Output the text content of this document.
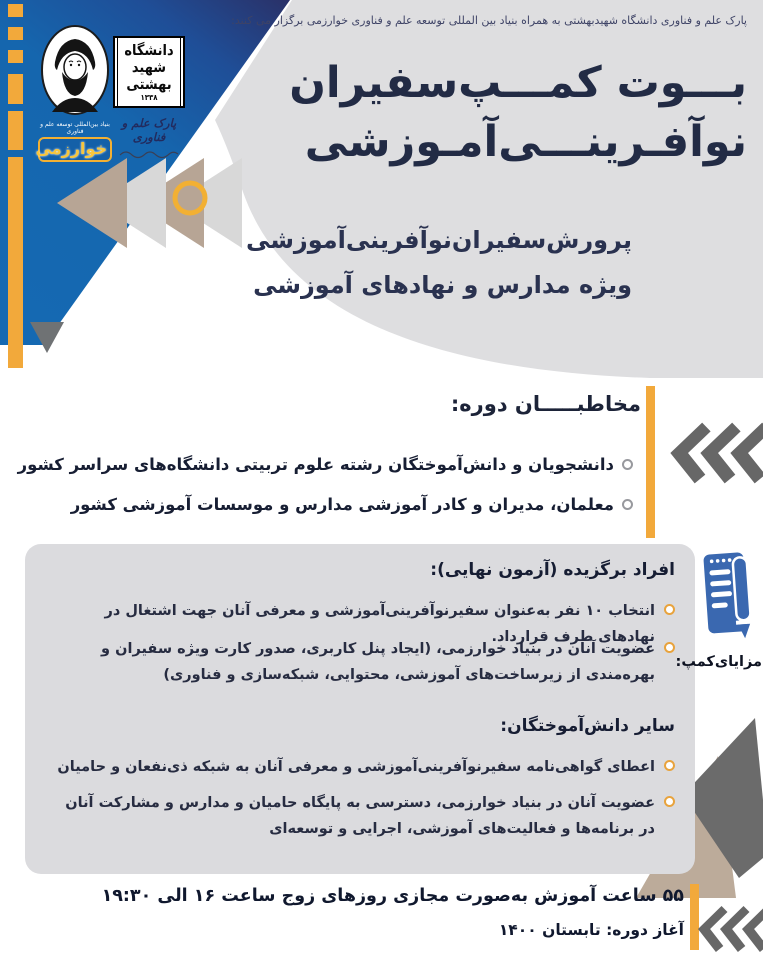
بنیاد بین‌المللی توسعه علم و فناوری
خوارزمی
دانشگاه
شهید
بهشتی
۱۳۳۸
پارک علم و فناوری
پارک علم و فناوری دانشگاه شهیدبهشتی به همراه بنیاد بین المللی توسعه علم و فناوری خوارزمی برگزار می کنند:
بـــوت کمـــپ‌سفیران
نوآفـرینـــی‌آمـوزشی
پرورش‌سفیران‌نوآفرینی‌آموزشی
ویژه مدارس و نهادهای آموزشی
مخاطبـــــان دوره:
دانشجویان و دانش‌آموختگان رشته علوم تربیتی دانشگاه‌های سراسر کشور
معلمان، مدیران و کادر آموزشی مدارس و موسسات آموزشی کشور
افراد برگزیده (آزمون نهایی):
انتخاب ۱۰ نفر به‌عنوان سفیرنوآفرینی‌آموزشی و معرفی آنان جهت اشتغال در نهادهای طرف قرارداد.
عضویت آنان در بنیاد خوارزمی، (ایجاد پنل کاربری، صدور کارت ویژه سفیران و بهره‌مندی از زیرساخت‌های آموزشی، محتوایی، شبکه‌سازی و فناوری)
سایر دانش‌آموختگان:
اعطای گواهی‌نامه سفیرنوآفرینی‌آموزشی و معرفی آنان به شبکه ذی‌نفعان و حامیان
عضویت آنان در بنیاد خوارزمی، دسترسی به پایگاه حامیان و مدارس و مشارکت آنان در برنامه‌ها و فعالیت‌های آموزشی، اجرایی و توسعه‌ای
مزایای‌کمپ:
۵۵ ساعت آموزش به‌صورت مجازی روزهای زوج ساعت ۱۶ الی ۱۹:۳۰
آغاز دوره: تابستان ۱۴۰۰
